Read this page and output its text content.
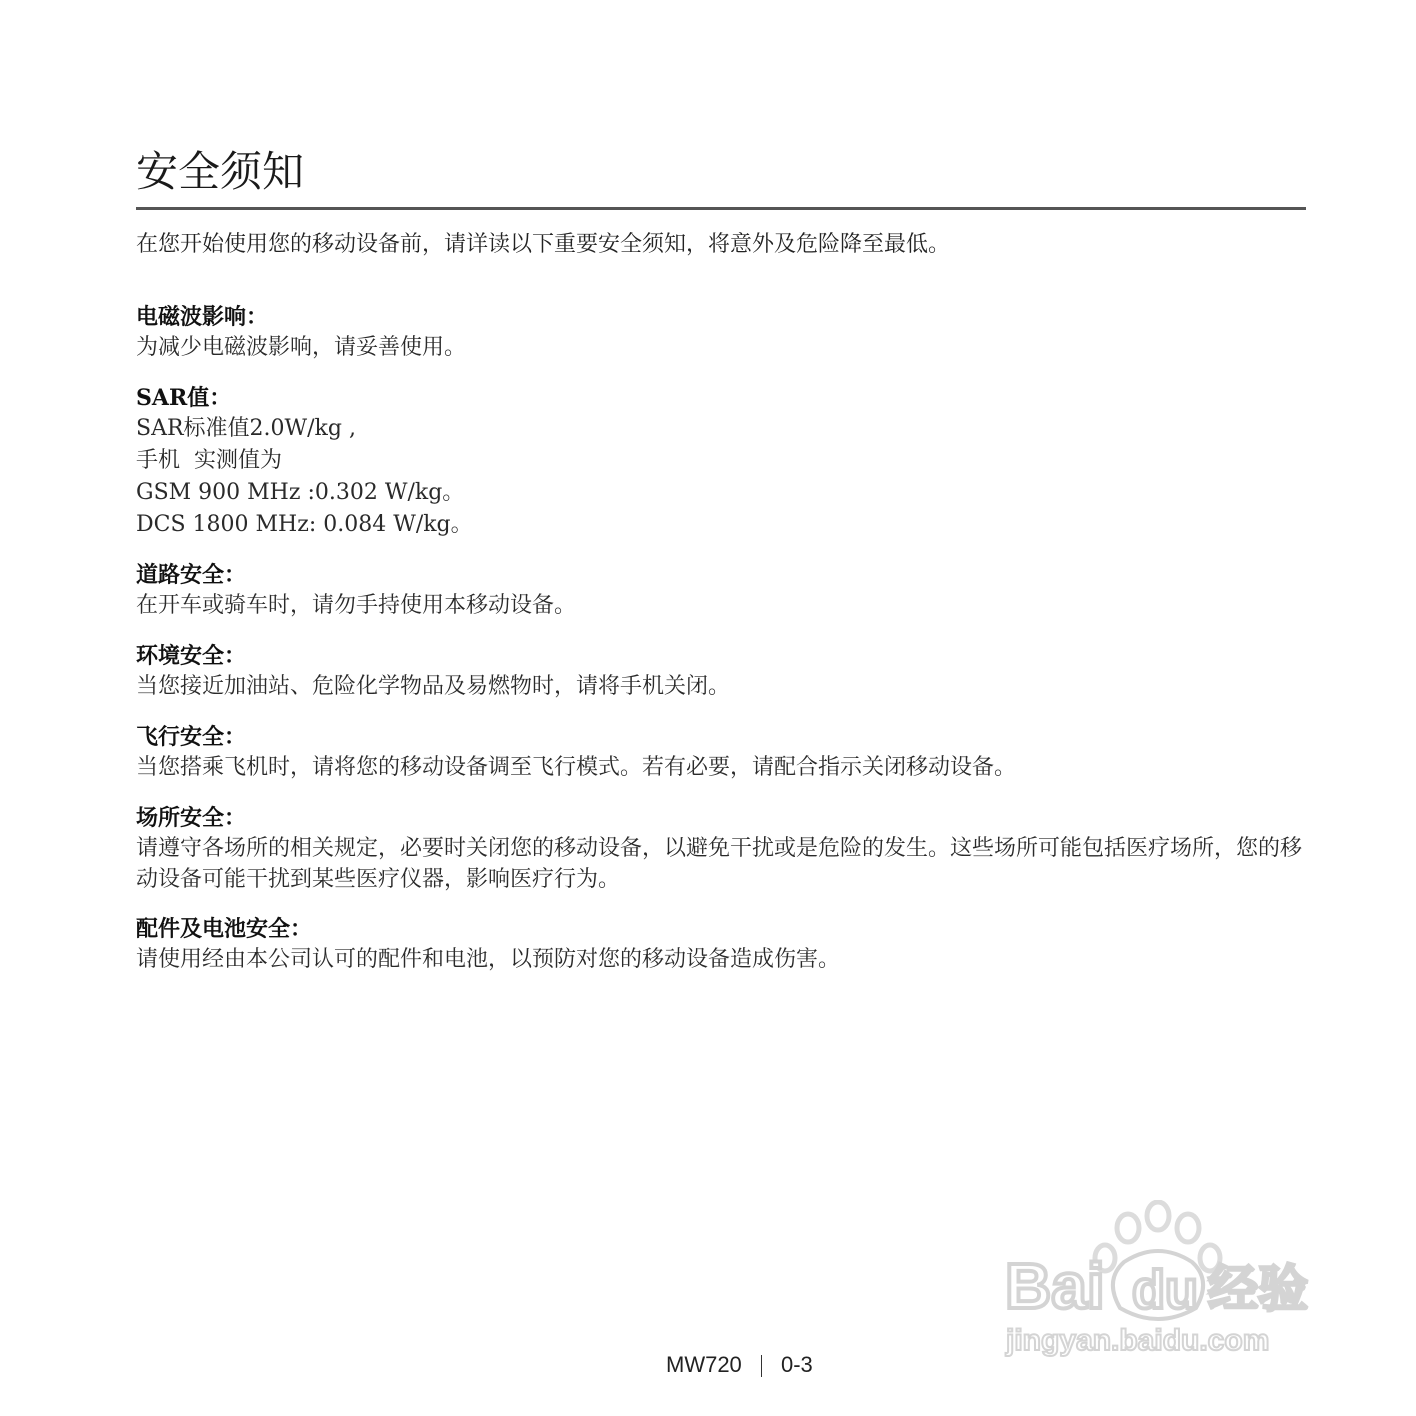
安全须知

在您开始使用您的移动设备前，请详读以下重要安全须知，将意外及危险降至最低。

电磁波影响：

为减少电磁波影响，请妥善使用。

SAR值：

SAR标准值2.0W/kg ,

手机  实测值为

GSM 900 MHz :0.302 W/kg。

DCS 1800 MHz: 0.084 W/kg。

道路安全：

在开车或骑车时，请勿手持使用本移动设备。

环境安全：

当您接近加油站、危险化学物品及易燃物时，请将手机关闭。

飞行安全：

当您搭乘飞机时，请将您的移动设备调至飞行模式。若有必要，请配合指示关闭移动设备。

场所安全：

请遵守各场所的相关规定，必要时关闭您的移动设备，以避免干扰或是危险的发生。这些场所可能包括医疗场所，您的移动设备可能干扰到某些医疗仪器，影响医疗行为。

配件及电池安全：

请使用经由本公司认可的配件和电池，以预防对您的移动设备造成伤害。

Bai du 经验
jingyan.baidu.com
MW720 0-3
